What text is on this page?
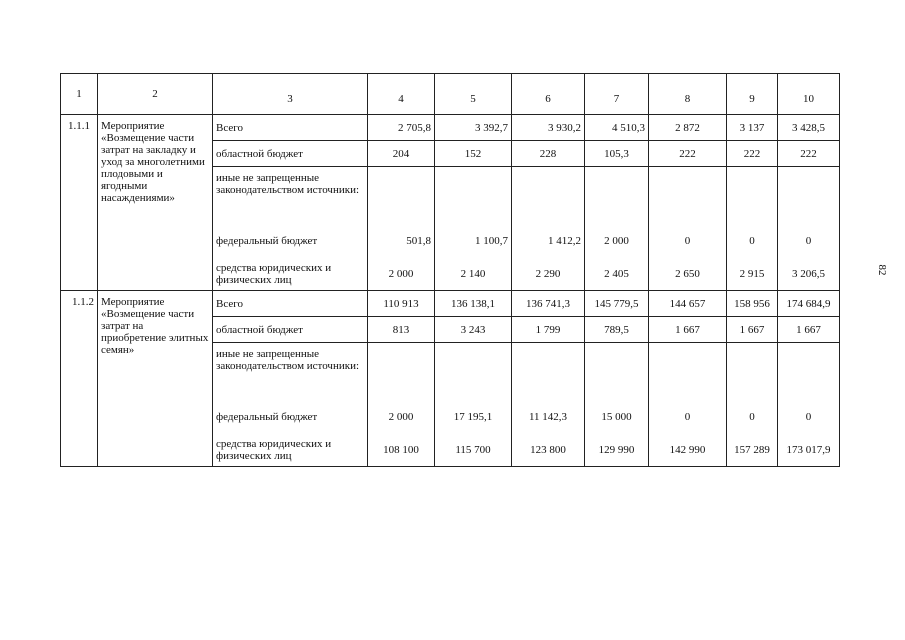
82
1	2	3	4	5	6	7	8	9	10
1.1.1	Мероприятие «Возмещение части затрат на закладку и уход за многолетними плодовыми и ягодными насаждениями»	Всего	2 705,8	3 392,7	3 930,2	4 510,3	2 872	3 137	3 428,5
		областной бюджет	204	152	228	105,3	222	222	222
		иные не запрещенные законодательством источники:							
		федеральный бюджет	501,8	1 100,7	1 412,2	2 000	0	0	0
		средства юридических и физических лиц	2 000	2 140	2 290	2 405	2 650	2 915	3 206,5
1.1.2	Мероприятие «Возмещение части затрат на приобретение элитных семян»	Всего	110 913	136 138,1	136 741,3	145 779,5	144 657	158 956	174 684,9
		областной бюджет	813	3 243	1 799	789,5	1 667	1 667	1 667
		иные не запрещенные законодательством источники:							
		федеральный бюджет	2 000	17 195,1	11 142,3	15 000	0	0	0
		средства юридических и физических лиц	108 100	115 700	123 800	129 990	142 990	157 289	173 017,9
